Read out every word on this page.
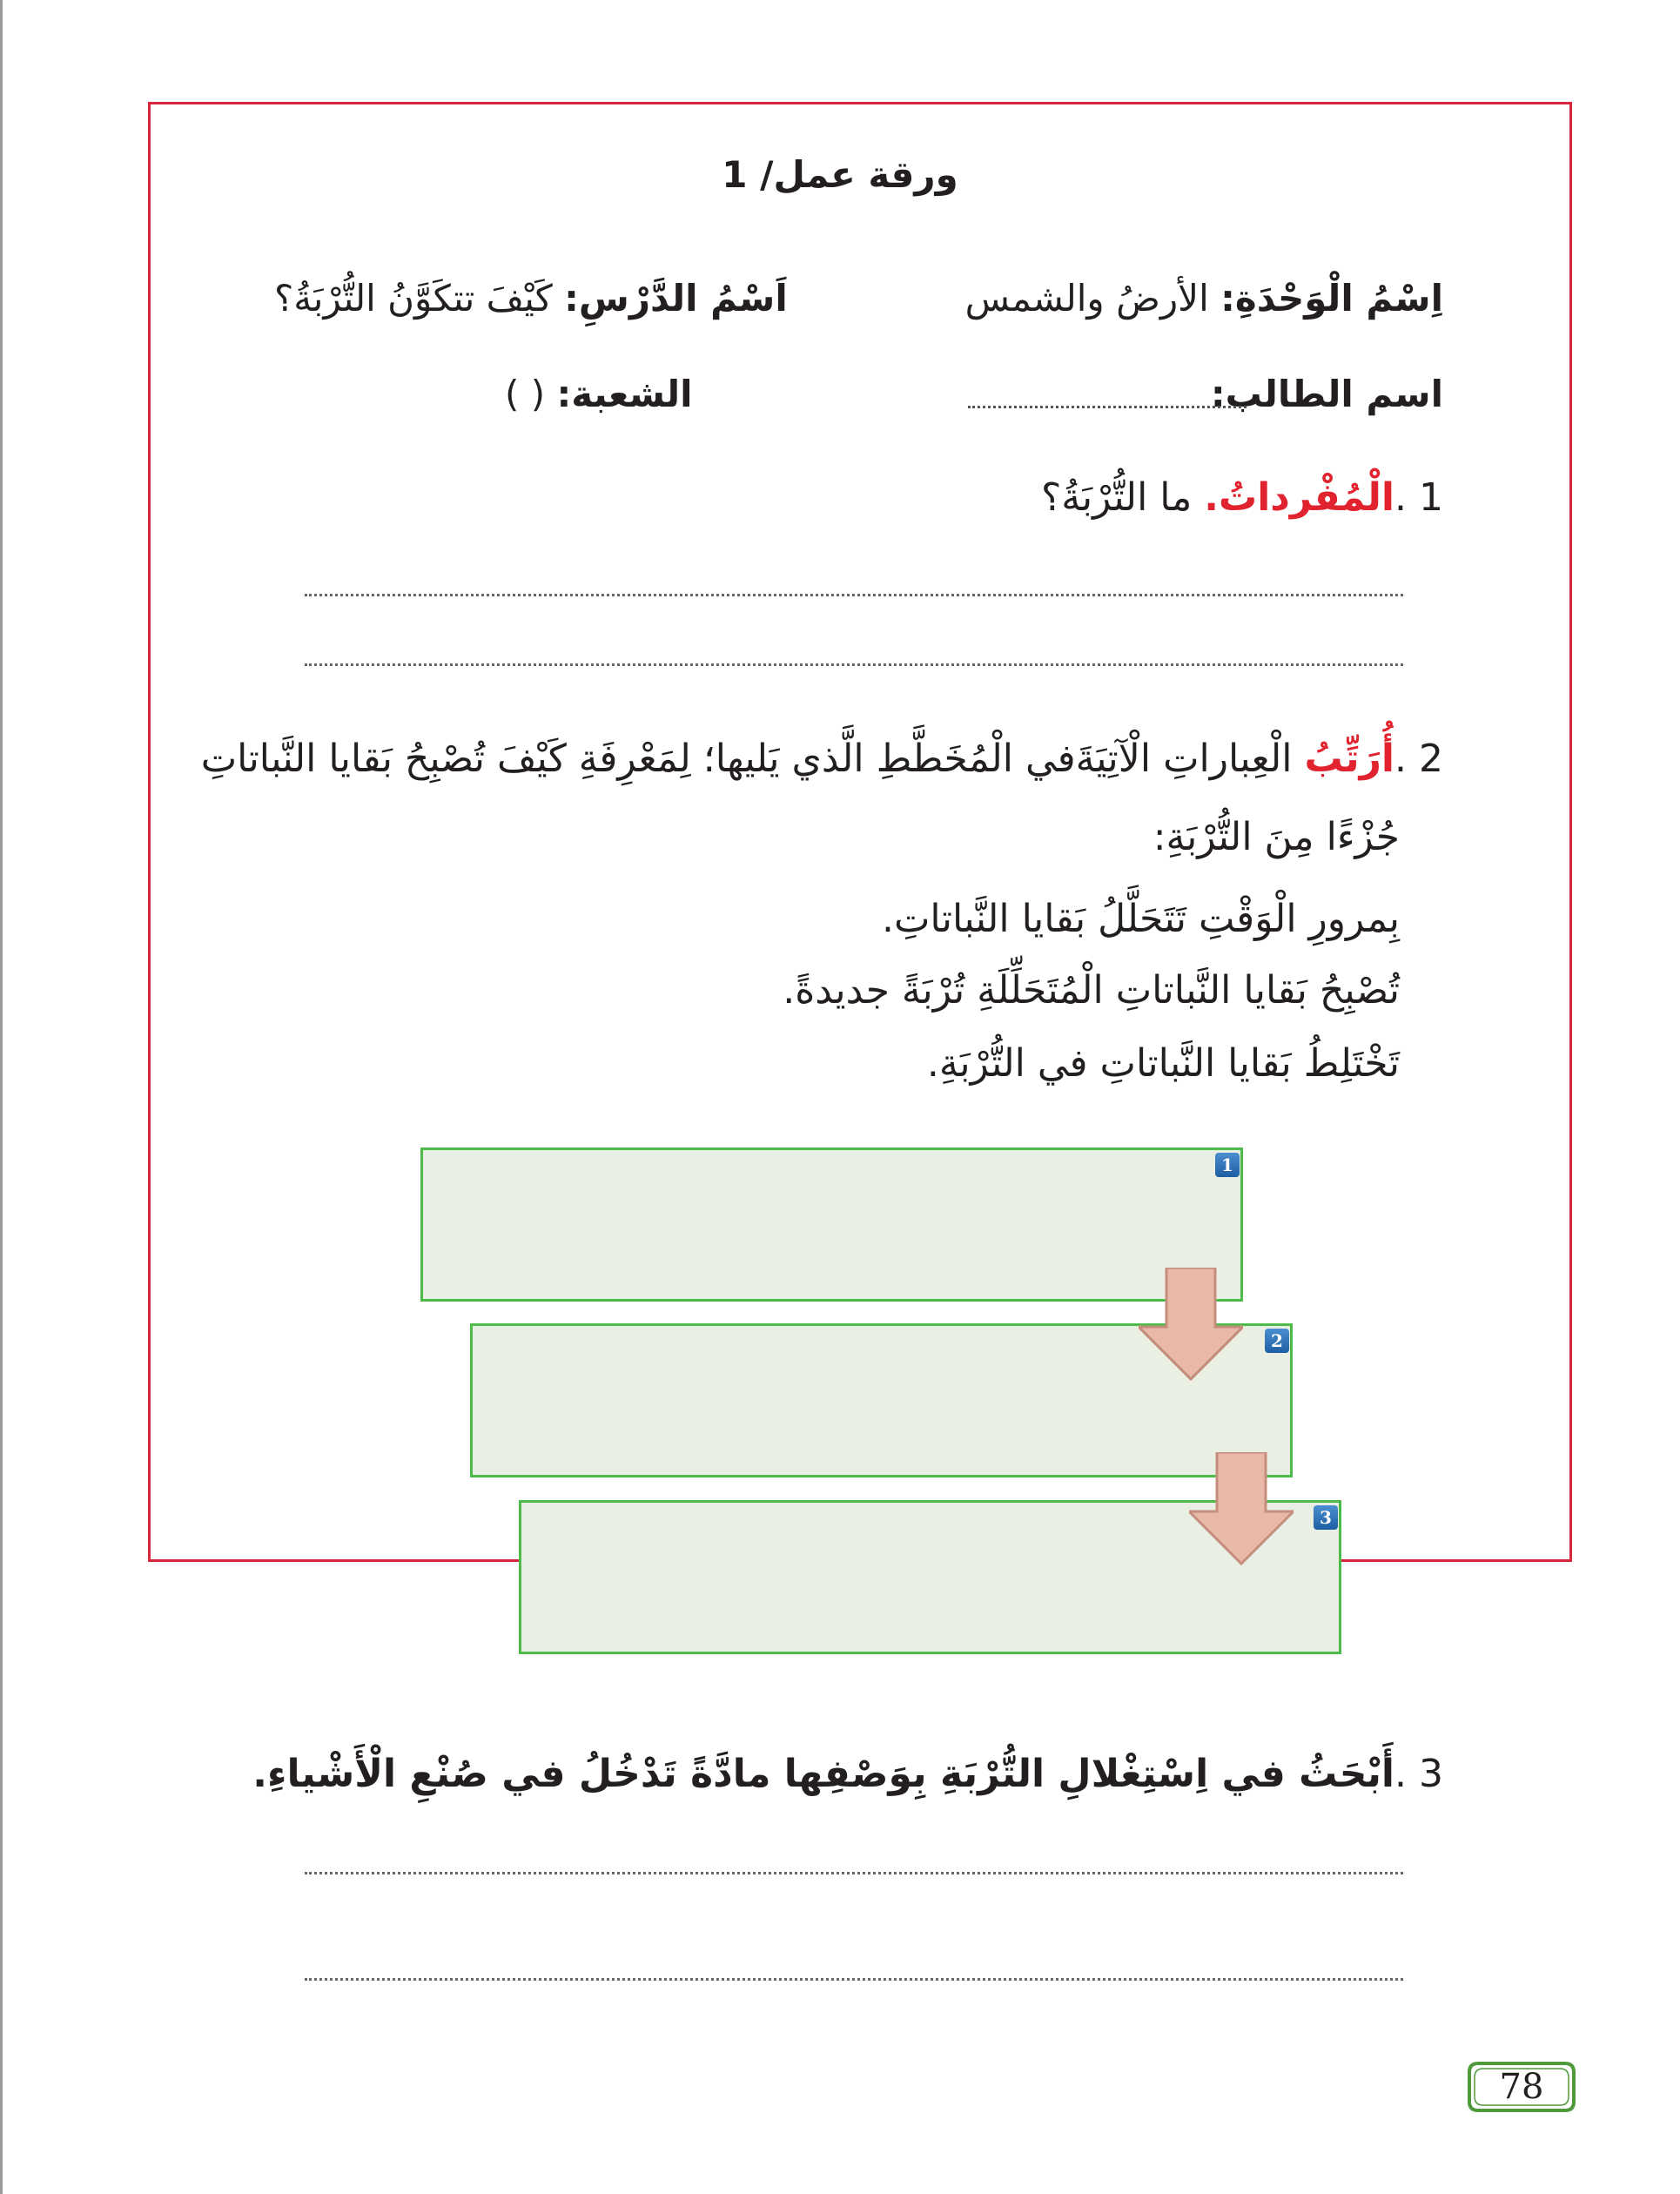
ورقة عمل/ 1
اِسْمُ الْوَحْدَةِ: الأرضُ والشمس
اَسْمُ الدَّرْسِ: كَيْفَ تتكَوَّنُ التُّرْبَةُ؟
اسم الطالب:
الشعبة: ( )
1 .الْمُفْرداتُ. ما التُّرْبَةُ؟
2 .أُرَتِّبُ الْعِباراتِ الْآتِيَةَفي الْمُخَطَّطِ الَّذي يَليها؛ لِمَعْرِفَةِ كَيْفَ تُصْبِحُ بَقايا النَّباتاتِ
جُزْءًا مِنَ التُّرْبَةِ:
بِمرورِ الْوَقْتِ تَتَحَلَّلُ بَقايا النَّباتاتِ.
تُصْبِحُ بَقايا النَّباتاتِ الْمُتَحَلِّلَةِ تُرْبَةً جديدةً.
تَخْتَلِطُ بَقايا النَّباتاتِ في التُّرْبَةِ.
1
2
3
3 .أَبْحَثُ في اِسْتِغْلالِ التُّرْبَةِ بِوَصْفِها مادَّةً تَدْخُلُ في صُنْعِ الْأَشْياءِ.
78
